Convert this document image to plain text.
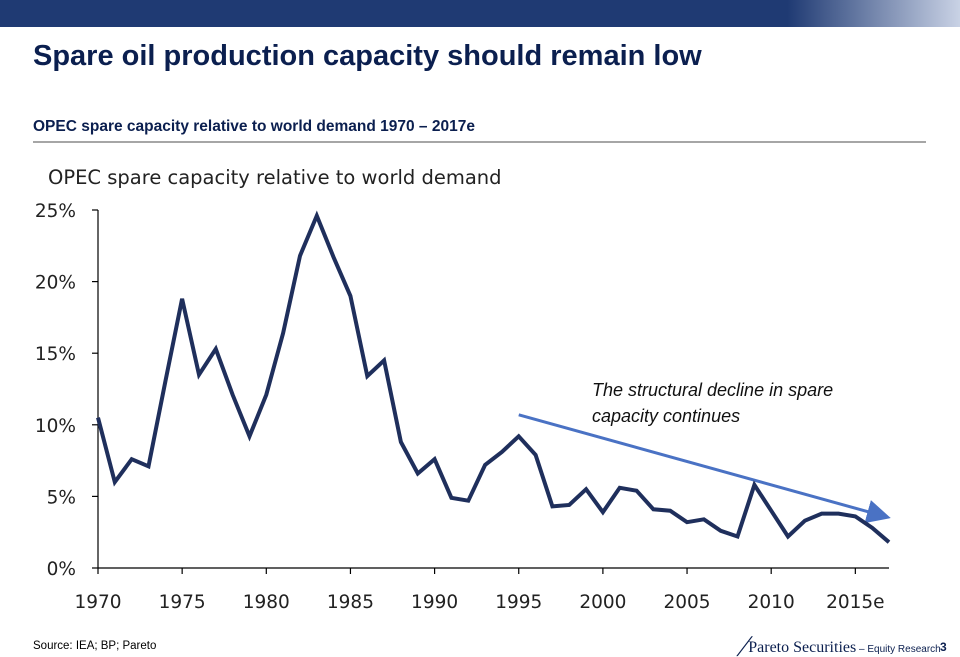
Spare oil production capacity should remain low
OPEC spare capacity relative to world demand 1970 – 2017e
OPEC spare capacity relative to world demand
0%
5%
10%
15%
20%
25%
1970 1975 1980 1985 1990 1995 2000 2005 2010 2015e
The structural decline in spare
capacity continues
Source: IEA; BP; Pareto	╱Pareto Securities – Equity Research 3
